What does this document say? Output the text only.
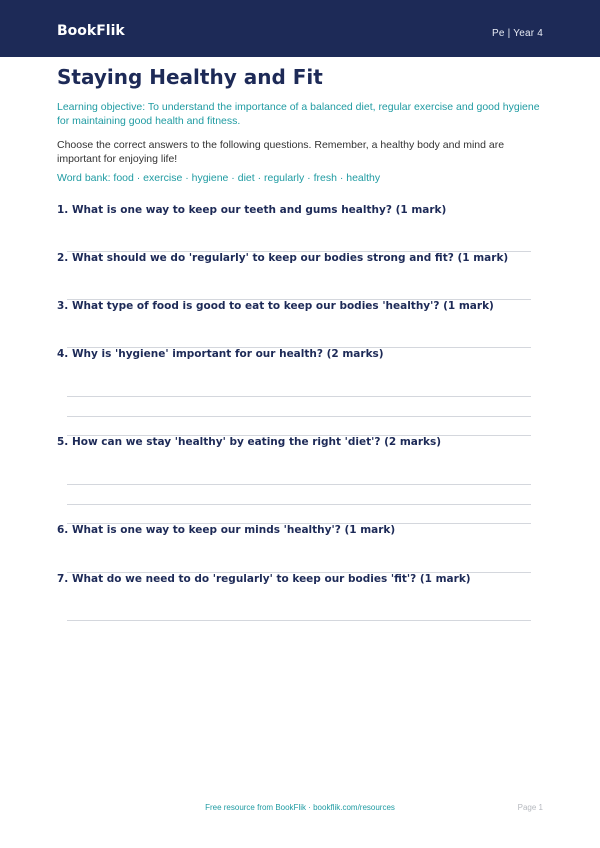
BookFlik	Pe | Year 4
Staying Healthy and Fit
Learning objective: To understand the importance of a balanced diet, regular exercise and good hygiene for maintaining good health and fitness.
Choose the correct answers to the following questions. Remember, a healthy body and mind are important for enjoying life!
Word bank: food · exercise · hygiene · diet · regularly · fresh · healthy
1. What is one way to keep our teeth and gums healthy? (1 mark)
2. What should we do 'regularly' to keep our bodies strong and fit? (1 mark)
3. What type of food is good to eat to keep our bodies 'healthy'? (1 mark)
4. Why is 'hygiene' important for our health? (2 marks)
5. How can we stay 'healthy' by eating the right 'diet'? (2 marks)
6. What is one way to keep our minds 'healthy'? (1 mark)
7. What do we need to do 'regularly' to keep our bodies 'fit'? (1 mark)
Free resource from BookFlik · bookflik.com/resources	Page 1
